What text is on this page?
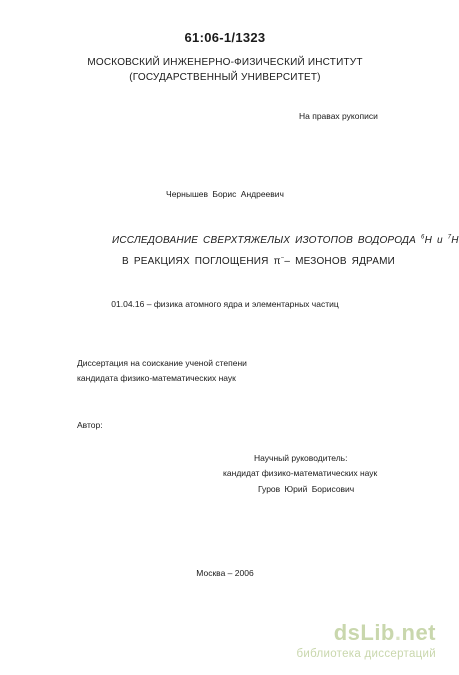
61:06-1/1323
МОСКОВСКИЙ ИНЖЕНЕРНО-ФИЗИЧЕСКИЙ ИНСТИТУТ
(ГОСУДАРСТВЕННЫЙ УНИВЕРСИТЕТ)
На правах рукописи
Чернышев Борис Андреевич
ИССЛЕДОВАНИЕ СВЕРХТЯЖЕЛЫХ ИЗОТОПОВ ВОДОРОДА $^6$Н и $^7$Н
В РЕАКЦИЯХ ПОГЛОЩЕНИЯ π−– МЕЗОНОВ ЯДРАМИ
01.04.16 – физика атомного ядра и элементарных частиц
Диссертация на соискание ученой степени
кандидата физико-математических наук
Автор:
Научный руководитель:
кандидат физико-математических наук
Гуров Юрий Борисович
Москва – 2006
dsLib.net
библиотека диссертаций
